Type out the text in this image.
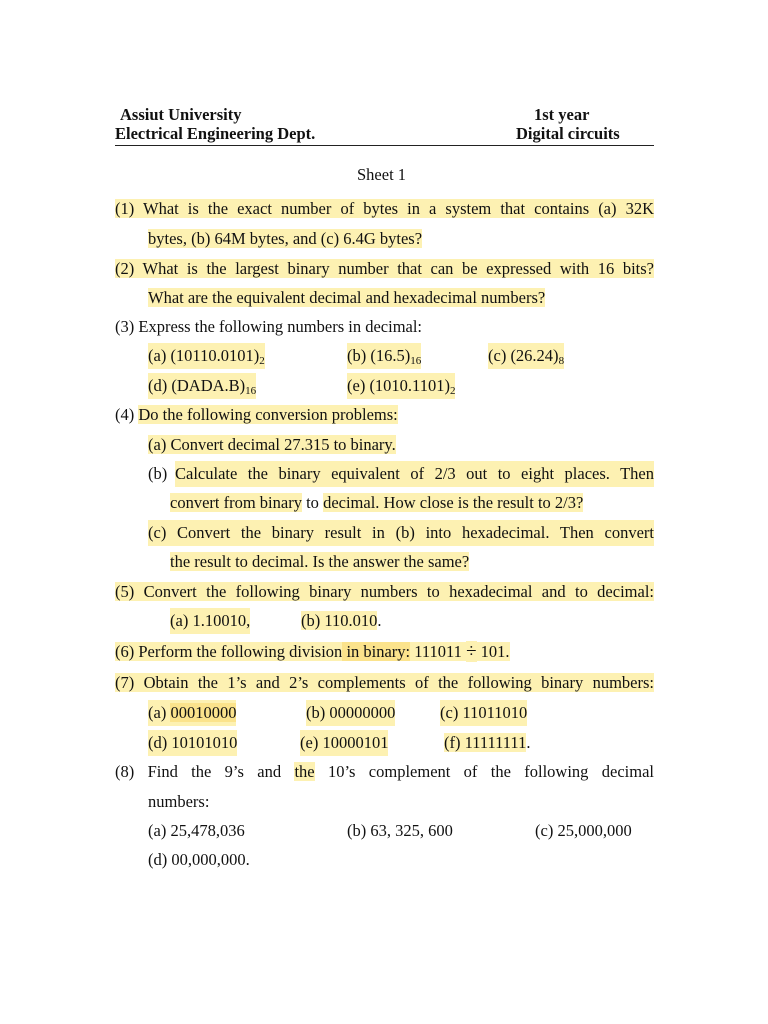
Assiut University
Electrical Engineering Dept.
1st year
Digital circuits
Sheet 1
(1) What is the exact number of bytes in a system that contains (a) 32K
bytes, (b) 64M bytes, and (c) 6.4G bytes?
(2) What is the largest binary number that can be expressed with 16 bits?
What are the equivalent decimal and hexadecimal numbers?
(3) Express the following numbers in decimal:
(a) $(10110.0101)_2$	(b) $(16.5)_{16}$	(c) $(26.24)_8$
(d) $(DADA.B)_{16}$	(e) $(1010.1101)_2$
(4) Do the following conversion problems:
(a) Convert decimal 27.315 to binary.
(b) Calculate the binary equivalent of 2/3 out to eight places. Then
convert from binary to decimal. How close is the result to 2/3?
(c) Convert the binary result in (b) into hexadecimal. Then convert
the result to decimal. Is the answer the same?
(5) Convert the following binary numbers to hexadecimal and to decimal:
(a) 1.10010,	(b) 110.010.
(6) Perform the following division in binary: 111011 ÷ 101.
(7) Obtain the 1’s and 2’s complements of the following binary numbers:
(a) 00010000	(b) 00000000	(c) 11011010
(d) 10101010	(e) 10000101	(f) 11111111.
(8) Find the 9’s and the 10’s complement of the following decimal
numbers:
(a) 25,478,036	(b) 63, 325, 600	(c) 25,000,000
(d) 00,000,000.
